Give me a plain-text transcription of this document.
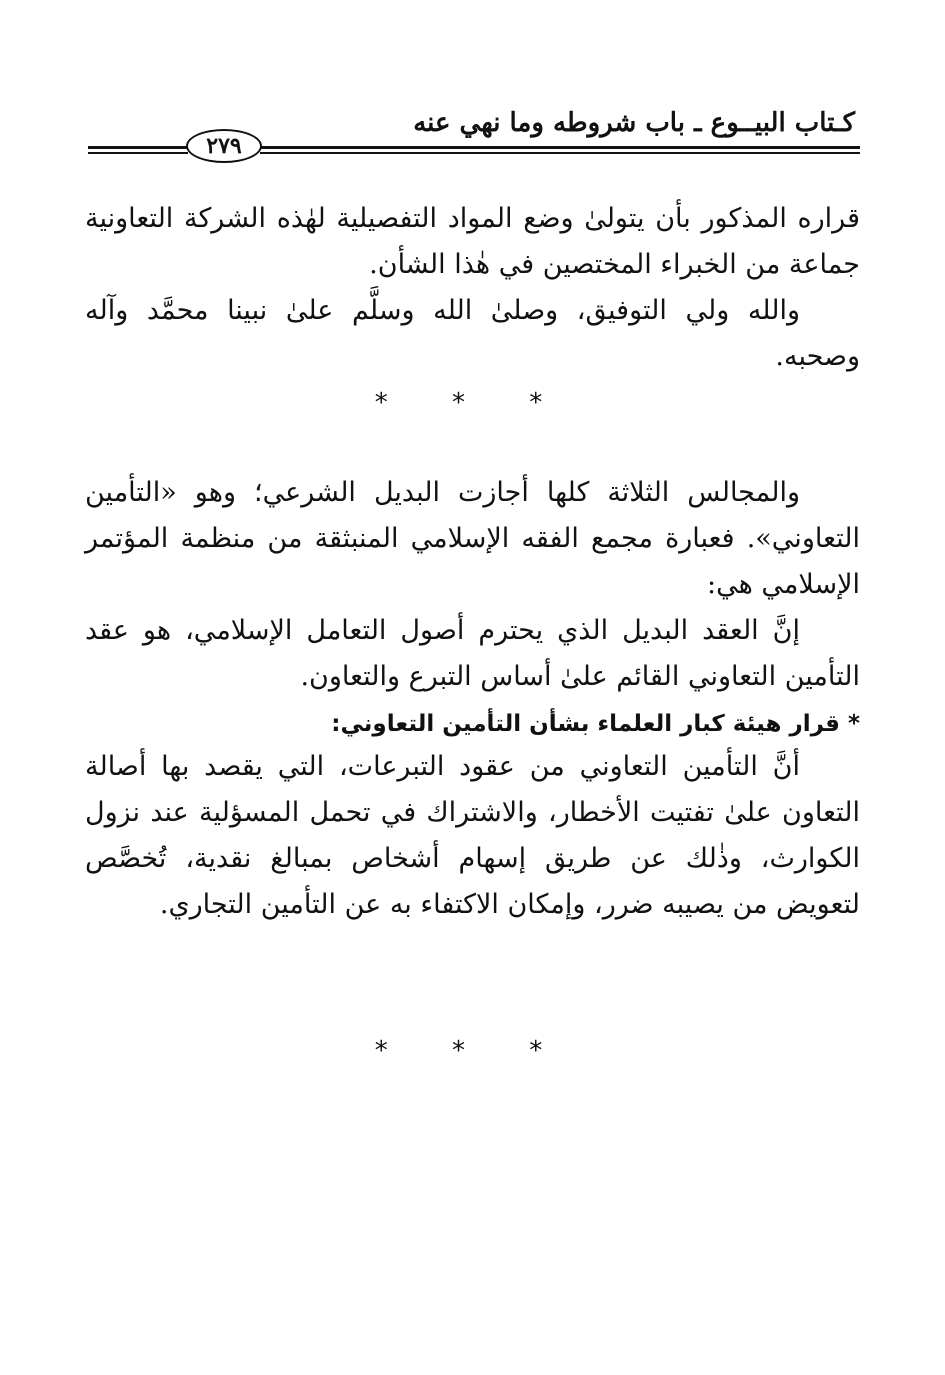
كـتاب البيــوع ـ باب شروطه وما نهي عنه
٢٧٩
قراره المذكور بأن يتولىٰ وضع المواد التفصيلية لهٰذه الشركة التعاونية جماعة من الخبراء المختصين في هٰذا الشأن.
والله ولي التوفيق، وصلىٰ الله وسلَّم علىٰ نبينا محمَّد وآله وصحبه.
* * *
والمجالس الثلاثة كلها أجازت البديل الشرعي؛ وهو «التأمين التعاوني». فعبارة مجمع الفقه الإسلامي المنبثقة من منظمة المؤتمر الإسلامي هي:
إنَّ العقد البديل الذي يحترم أصول التعامل الإسلامي، هو عقد التأمين التعاوني القائم علىٰ أساس التبرع والتعاون.
* قرار هيئة كبار العلماء بشأن التأمين التعاوني:
أنَّ التأمين التعاوني من عقود التبرعات، التي يقصد بها أصالة التعاون علىٰ تفتيت الأخطار، والاشتراك في تحمل المسؤلية عند نزول الكوارث، وذٰلك عن طريق إسهام أشخاص بمبالغ نقدية، تُخصَّص لتعويض من يصيبه ضرر، وإمكان الاكتفاء به عن التأمين التجاري.
* * *
